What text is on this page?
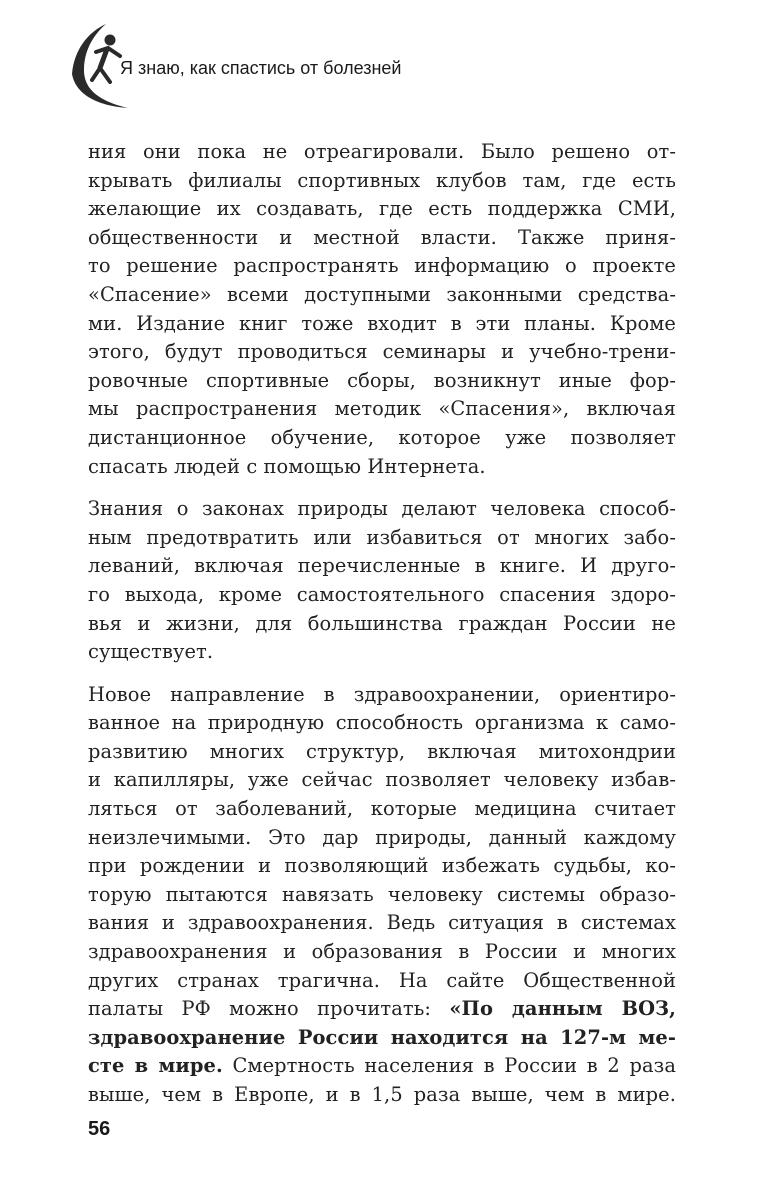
Я знаю, как спастись от болезней
ния они пока не отреагировали. Было решено от-
крывать филиалы спортивных клубов там, где есть
желающие их создавать, где есть поддержка СМИ,
общественности и местной власти. Также приня-
то решение распространять информацию о проекте
«Спасение» всеми доступными законными средства-
ми. Издание книг тоже входит в эти планы. Кроме
этого, будут проводиться семинары и учебно-трени-
ровочные спортивные сборы, возникнут иные фор-
мы распространения методик «Спасения», включая
дистанционное обучение, которое уже позволяет
спасать людей с помощью Интернета.
Знания о законах природы делают человека способ-
ным предотвратить или избавиться от многих забо-
леваний, включая перечисленные в книге. И друго-
го выхода, кроме самостоятельного спасения здоро-
вья и жизни, для большинства граждан России не
существует.
Новое направление в здравоохранении, ориентиро-
ванное на природную способность организма к само-
развитию многих структур, включая митохондрии
и капилляры, уже сейчас позволяет человеку избав-
ляться от заболеваний, которые медицина считает
неизлечимыми. Это дар природы, данный каждому
при рождении и позволяющий избежать судьбы, ко-
торую пытаются навязать человеку системы образо-
вания и здравоохранения. Ведь ситуация в системах
здравоохранения и образования в России и многих
других странах трагична. На сайте Общественной
палаты РФ можно прочитать: «По данным ВОЗ,
здравоохранение России находится на 127-м ме-
сте в мире. Смертность населения в России в 2 раза
выше, чем в Европе, и в 1,5 раза выше, чем в мире.
56
